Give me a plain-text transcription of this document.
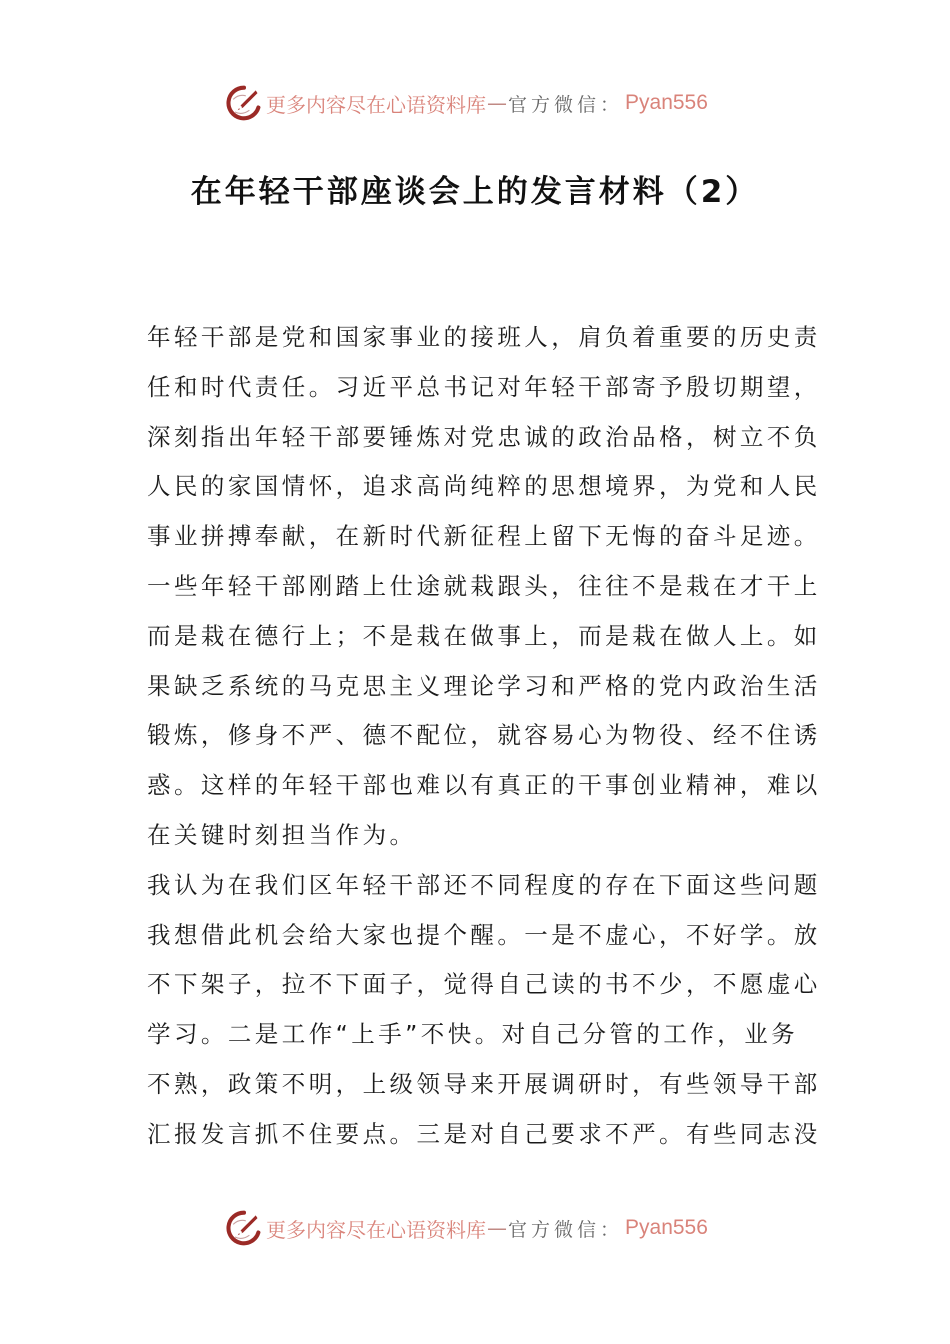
更多内容尽在心语资料库 — 官方微信： Pyan556
在年轻干部座谈会上的发言材料（2）
年轻干部是党和国家事业的接班人，肩负着重要的历史责
任和时代责任。习近平总书记对年轻干部寄予殷切期望，
深刻指出年轻干部要锤炼对党忠诚的政治品格，树立不负
人民的家国情怀，追求高尚纯粹的思想境界，为党和人民
事业拼搏奉献，在新时代新征程上留下无悔的奋斗足迹。
一些年轻干部刚踏上仕途就栽跟头，往往不是栽在才干上
而是栽在德行上；不是栽在做事上，而是栽在做人上。如
果缺乏系统的马克思主义理论学习和严格的党内政治生活
锻炼，修身不严、德不配位，就容易心为物役、经不住诱
惑。这样的年轻干部也难以有真正的干事创业精神，难以
在关键时刻担当作为。
我认为在我们区年轻干部还不同程度的存在下面这些问题
我想借此机会给大家也提个醒。一是不虚心，不好学。放
不下架子，拉不下面子，觉得自己读的书不少，不愿虚心
学习。二是工作“上手”不快。对自己分管的工作，业务
不熟，政策不明，上级领导来开展调研时，有些领导干部
汇报发言抓不住要点。三是对自己要求不严。有些同志没
更多内容尽在心语资料库 — 官方微信： Pyan556
